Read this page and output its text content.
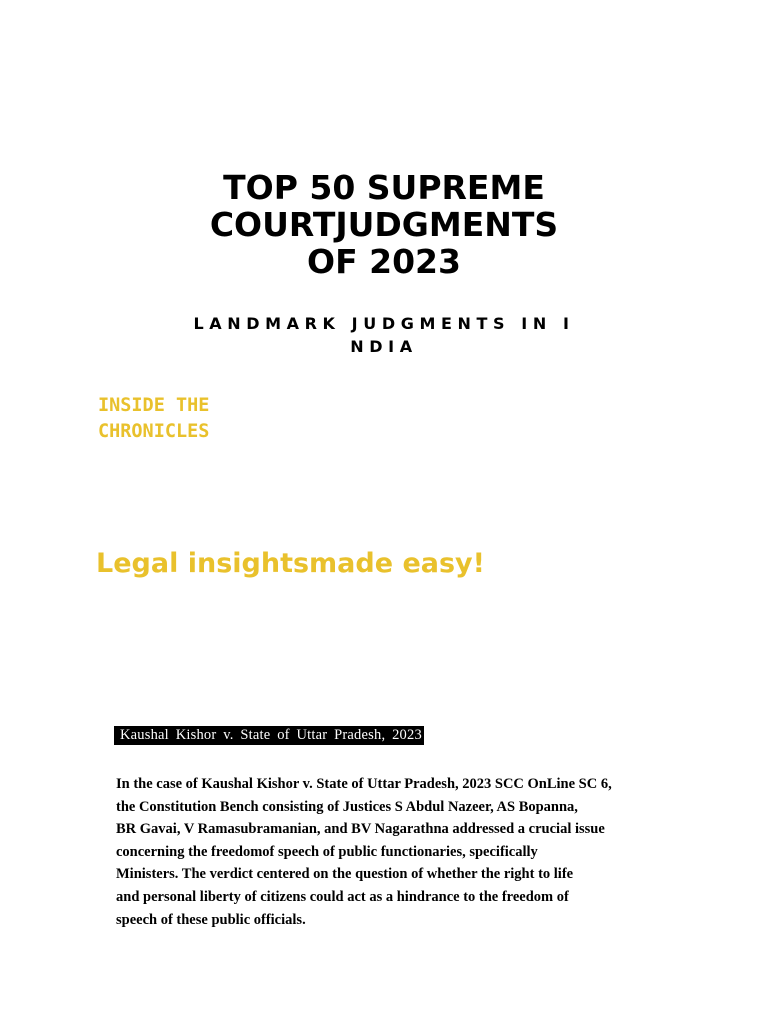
TOP 50 SUPREME
COURTJUDGMENTS
OF 2023
LANDMARK JUDGMENTS IN I
NDIA
INSIDE THE
CHRONICLES
Legal insightsmade easy!
Kaushal Kishor v. State of Uttar Pradesh, 2023
In the case of Kaushal Kishor v. State of Uttar Pradesh, 2023 SCC OnLine SC 6,
the Constitution Bench consisting of Justices S Abdul Nazeer, AS Bopanna,
BR Gavai, V Ramasubramanian, and BV Nagarathna addressed a crucial issue
concerning the freedomof speech of public functionaries, specifically
Ministers. The verdict centered on the question of whether the right to life
and personal liberty of citizens could act as a hindrance to the freedom of
speech of these public officials.
